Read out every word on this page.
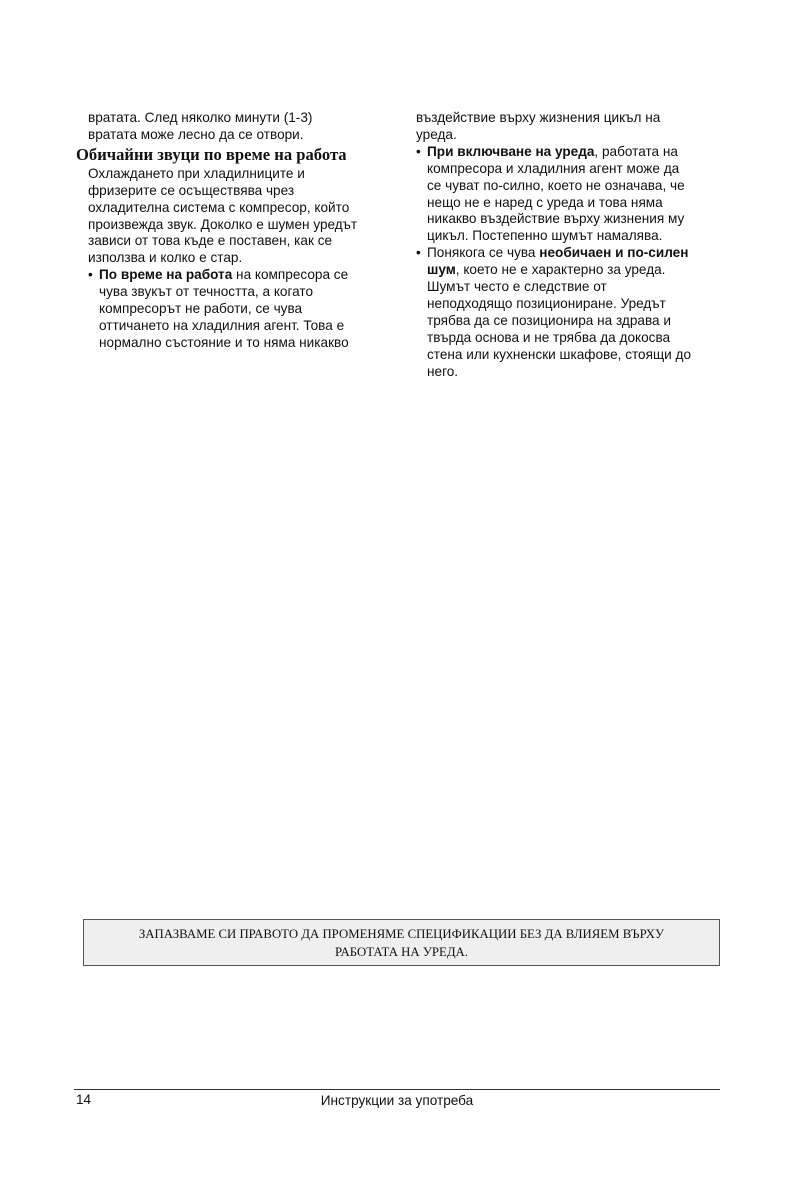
вратата. След няколко минути (1-3)
вратата може лесно да се отвори.
Обичайни звуци по време на работа
Охлаждането при хладилниците и
фризерите се осъществява чрез
охладителна система с компресор, който
произвежда звук. Доколко е шумен уредът
зависи от това къде е поставен, как се
използва и колко е стар.
• По време на работа на компресора се
чува звукът от течността, а когато
компресорът не работи, се чува
оттичането на хладилния агент. Това е
нормално състояние и то няма никакво
въздействие върху жизнения цикъл на
уреда.
• При включване на уреда, работата на
компресора и хладилния агент може да
се чуват по-силно, което не означава, че
нещо не е наред с уреда и това няма
никакво въздействие върху жизнения му
цикъл. Постепенно шумът намалява.
• Понякога се чува необичаен и по-силен
шум, което не е характерно за уреда.
Шумът често е следствие от
неподходящо позициониране. Уредът
трябва да се позиционира на здрава и
твърда основа и не трябва да докосва
стена или кухненски шкафове, стоящи до
него.
ЗАПАЗВАМЕ СИ ПРАВОТО ДА ПРОМЕНЯМЕ СПЕЦИФИКАЦИИ БЕЗ ДА ВЛИЯЕМ ВЪРХУ
РАБОТАТА НА УРЕДА.
14	Инструкции за употреба
